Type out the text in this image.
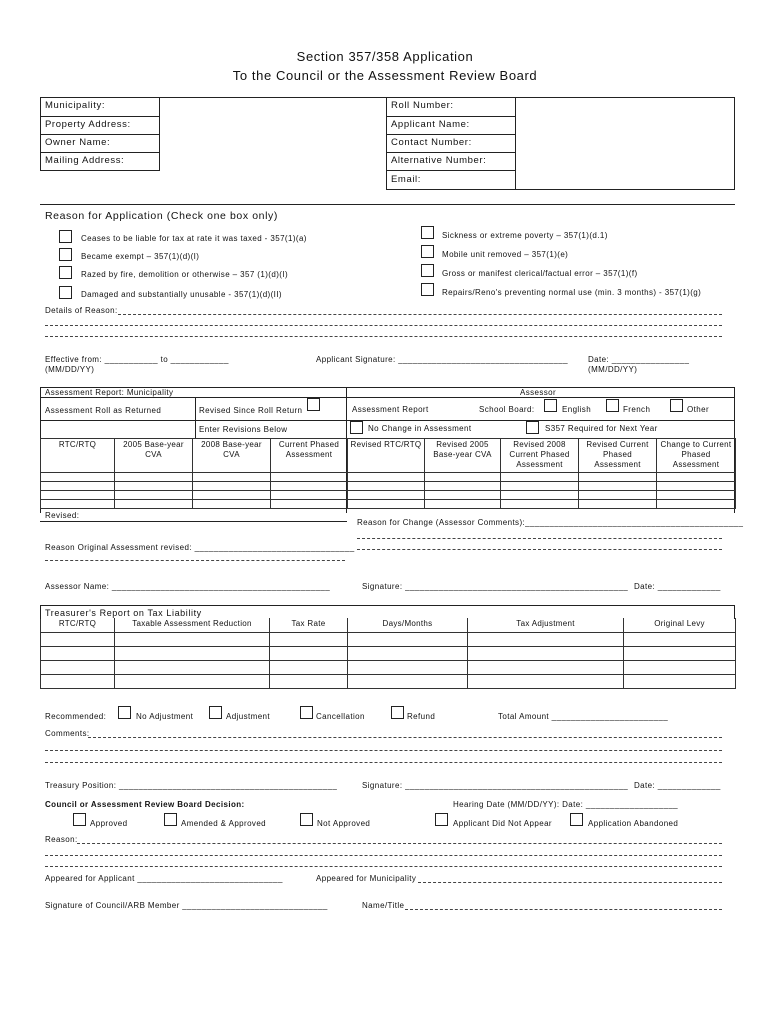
Section 357/358 Application
To the Council or the Assessment Review Board
Municipality:
Property Address:
Owner Name:
Mailing Address:
Roll Number:
Applicant Name:
Contact Number:
Alternative Number:
Email:
Reason for Application (Check one box only)
Ceases to be liable for tax at rate it was taxed - 357(1)(a)
Became exempt – 357(1)(d)(I)
Razed by fire, demolition or otherwise – 357 (1)(d)(I)
Damaged and substantially unusable - 357(1)(d)(II)
Sickness or extreme poverty – 357(1)(d.1)
Mobile unit removed – 357(1)(e)
Gross or manifest clerical/factual error – 357(1)(f)
Repairs/Reno's preventing normal use (min. 3 months) - 357(1)(g)
Details of Reason:
Effective from: ___________ to ____________
(MM/DD/YY)
Applicant Signature: ___________________________________	Date: ________________
(MM/DD/YY)
Assessment Report: Municipality	Assessor
Assessment Roll as Returned	Revised Since Roll Return
Enter Revisions Below
Assessment Report	School Board:	English	French	Other
No Change in Assessment	S357 Required for Next Year
RTC/RTQ	2005 Base-year CVA	2008 Base-year CVA	Current Phased Assessment	Revised RTC/RTQ	Revised 2005 Base-year CVA	Revised 2008 Current Phased Assessment	Revised Current Phased Assessment	Change to Current Phased Assessment

Revised:
Reason for Change (Assessor Comments):_____________________________________________
Reason Original Assessment revised: _________________________________
Assessor Name: _____________________________________________	Signature: ______________________________________________ Date: _____________
Treasurer's Report on Tax Liability
RTC/RTQ	Taxable Assessment Reduction	Tax Rate	Days/Months	Tax Adjustment	Original Levy

Recommended:	No Adjustment	Adjustment	Cancellation	Refund	Total Amount ________________________
Comments:
Treasury Position: _____________________________________________	Signature: ______________________________________________ Date: _____________
Council or Assessment Review Board Decision:	Hearing Date (MM/DD/YY): Date: ___________________
Approved	Amended & Approved	Not Approved	Applicant Did Not Appear	Application Abandoned
Reason:
Appeared for Applicant ______________________________	Appeared for Municipality
Signature of Council/ARB Member ______________________________	Name/Title
